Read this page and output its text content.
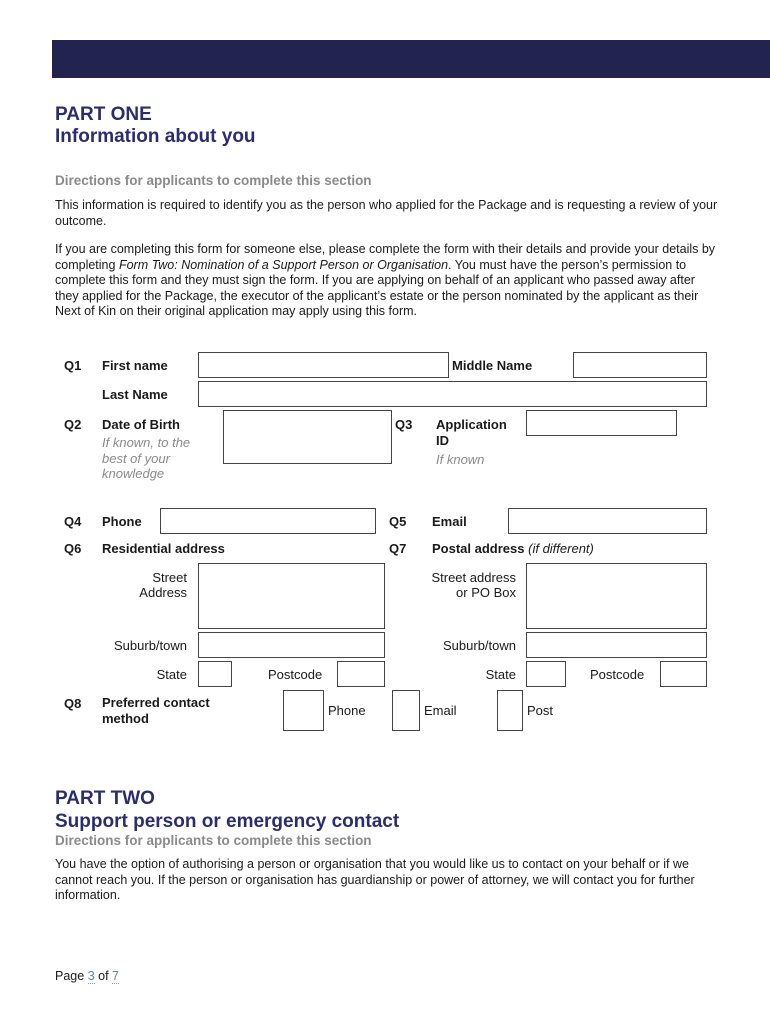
PART ONE
Information about you
Directions for applicants to complete this section
This information is required to identify you as the person who applied for the Package and is requesting a review of your outcome.
If you are completing this form for someone else, please complete the form with their details and provide your details by completing Form Two: Nomination of a Support Person or Organisation. You must have the person’s permission to complete this form and they must sign the form. If you are applying on behalf of an applicant who passed away after they applied for the Package, the executor of the applicant’s estate or the person nominated by the applicant as their Next of Kin on their original application may apply using this form.
Q1 First name	Middle Name
Last Name
Q2 Date of Birth
If known, to the best of your knowledge
Q3 Application ID
If known
Q4 Phone	Q5 Email
Q6 Residential address	Q7 Postal address (if different)
Street Address
Suburb/town
State	Postcode
Street address or PO Box
Suburb/town
State	Postcode
Q8 Preferred contact method	Phone	Email	Post
PART TWO
Support person or emergency contact
Directions for applicants to complete this section
You have the option of authorising a person or organisation that you would like us to contact on your behalf or if we cannot reach you. If the person or organisation has guardianship or power of attorney, we will contact you for further information.
Page 3 of 7
